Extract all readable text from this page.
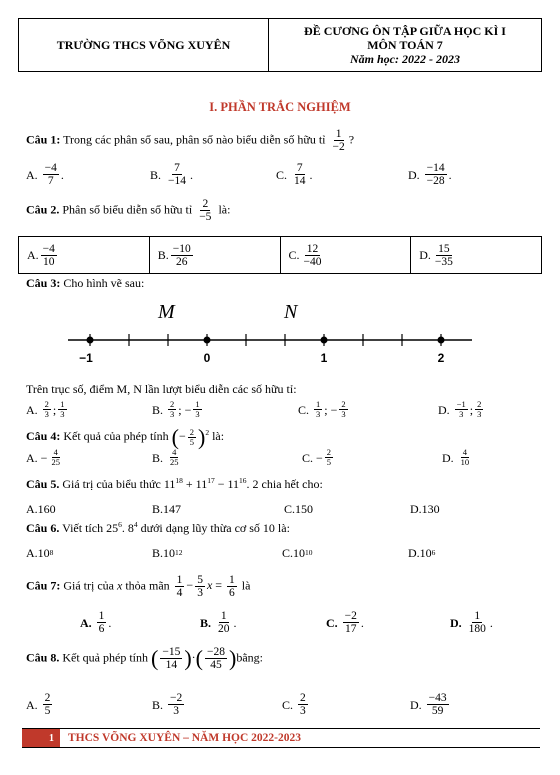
TRƯỜNG THCS VÕNG XUYÊN
ĐỀ CƯƠNG ÔN TẬP GIỮA HỌC KÌ I
MÔN TOÁN 7
Năm học: 2022 - 2023
I. PHẦN TRẮC NGHIỆM
Câu 1: Trong các phân số sau, phân số nào biểu diễn số hữu tỉ $\frac{1}{-2}$ ?
A. $\frac{-4}{7}$ .	B. $\frac{7}{-14}$ .	C. $\frac{7}{14}$ .	D. $\frac{-14}{-28}$ .
Câu 2. Phân số biểu diễn số hữu tỉ $\frac{2}{-5}$ là:
A. $\frac{-4}{10}$	B. $\frac{-10}{26}$	C. $\frac{12}{-40}$	D. $\frac{15}{-35}$
Câu 3: Cho hình vẽ sau:
M	N
−1	0	1	2
Trên trục số, điểm M, N lần lượt biểu diễn các số hữu tỉ:
A. $\frac{2}{3}$ ; $\frac{1}{3}$	B. $\frac{2}{3}$ ; − $\frac{1}{3}$	C. $\frac{1}{3}$ ; − $\frac{2}{3}$	D. $\frac{-1}{3}$ ; $\frac{2}{3}$
Câu 4: Kết quả của phép tính (− $\frac{2}{5} )^2$ là:
A. − $\frac{4}{25}$	B. $\frac{4}{25}$	C. − $\frac{2}{5}$	D. $\frac{4}{10}$
Câu 5. Giá trị của biểu thức $11^{18} + 11^{17} - 11^{16}$. 2 chia hết cho:
A. 160	B. 147	C. 150	D. 130
Câu 6. Viết tích $25^6$. $8^4$ dưới dạng lũy thừa cơ số 10 là:
A. 10 8	B. 10 12	C. 10 10	D. 10 6
Câu 7: Giá trị của x thỏa mãn $\frac{1}{4} - \frac{5}{3}$ $x = \frac{1}{6}$ là
A. $\frac{1}{6}$ .	B. $\frac{1}{20}$ .	C. $\frac{-2}{17}$ .	D. $\frac{1}{180}$ .
Câu 8. Kết quả phép tính ( $\frac{-15}{14}$ )·( $\frac{-28}{45}$ )bằng:
A. $\frac{2}{5}$	B. $\frac{-2}{3}$	C. $\frac{2}{3}$	D. $\frac{-43}{59}$
1	THCS VÕNG XUYÊN – NĂM HỌC 2022-2023
